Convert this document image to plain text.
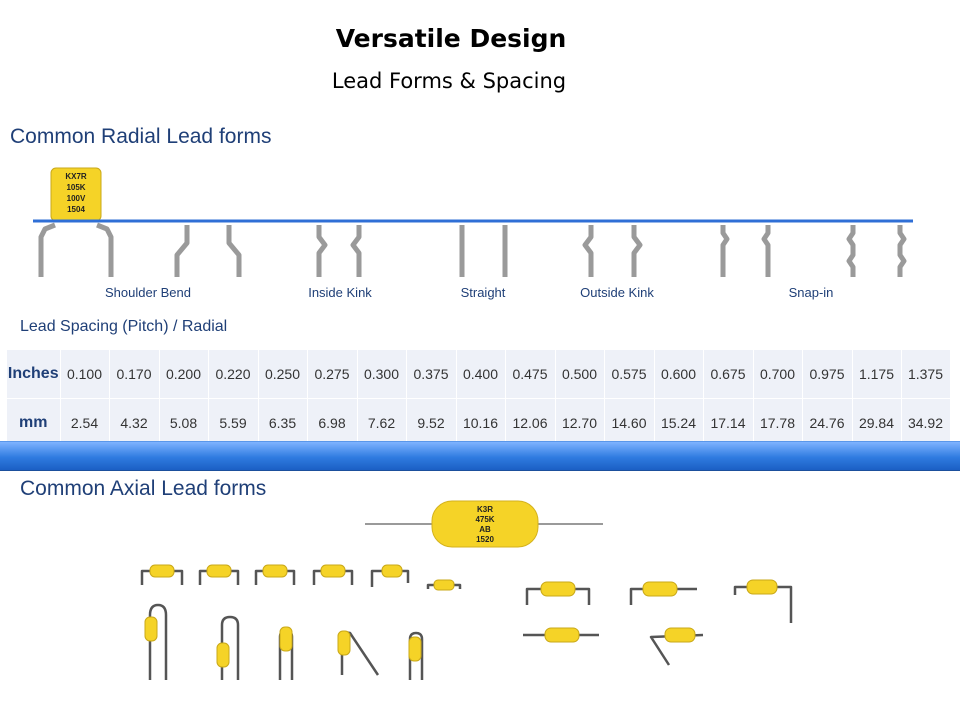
Versatile Design
Lead Forms & Spacing
Common Radial Lead forms
KX7R
105K
100V
1504
Shoulder Bend	Inside Kink	Straight	Outside Kink	Snap-in
Lead Spacing (Pitch) / Radial
Inches	0.100	0.170	0.200	0.220	0.250	0.275	0.300	0.375	0.400	0.475	0.500	0.575	0.600	0.675	0.700	0.975	1.175	1.375
mm	2.54	4.32	5.08	5.59	6.35	6.98	7.62	9.52	10.16	12.06	12.70	14.60	15.24	17.14	17.78	24.76	29.84	34.92
Common Axial Lead forms
K3R
475K
AB
1520
